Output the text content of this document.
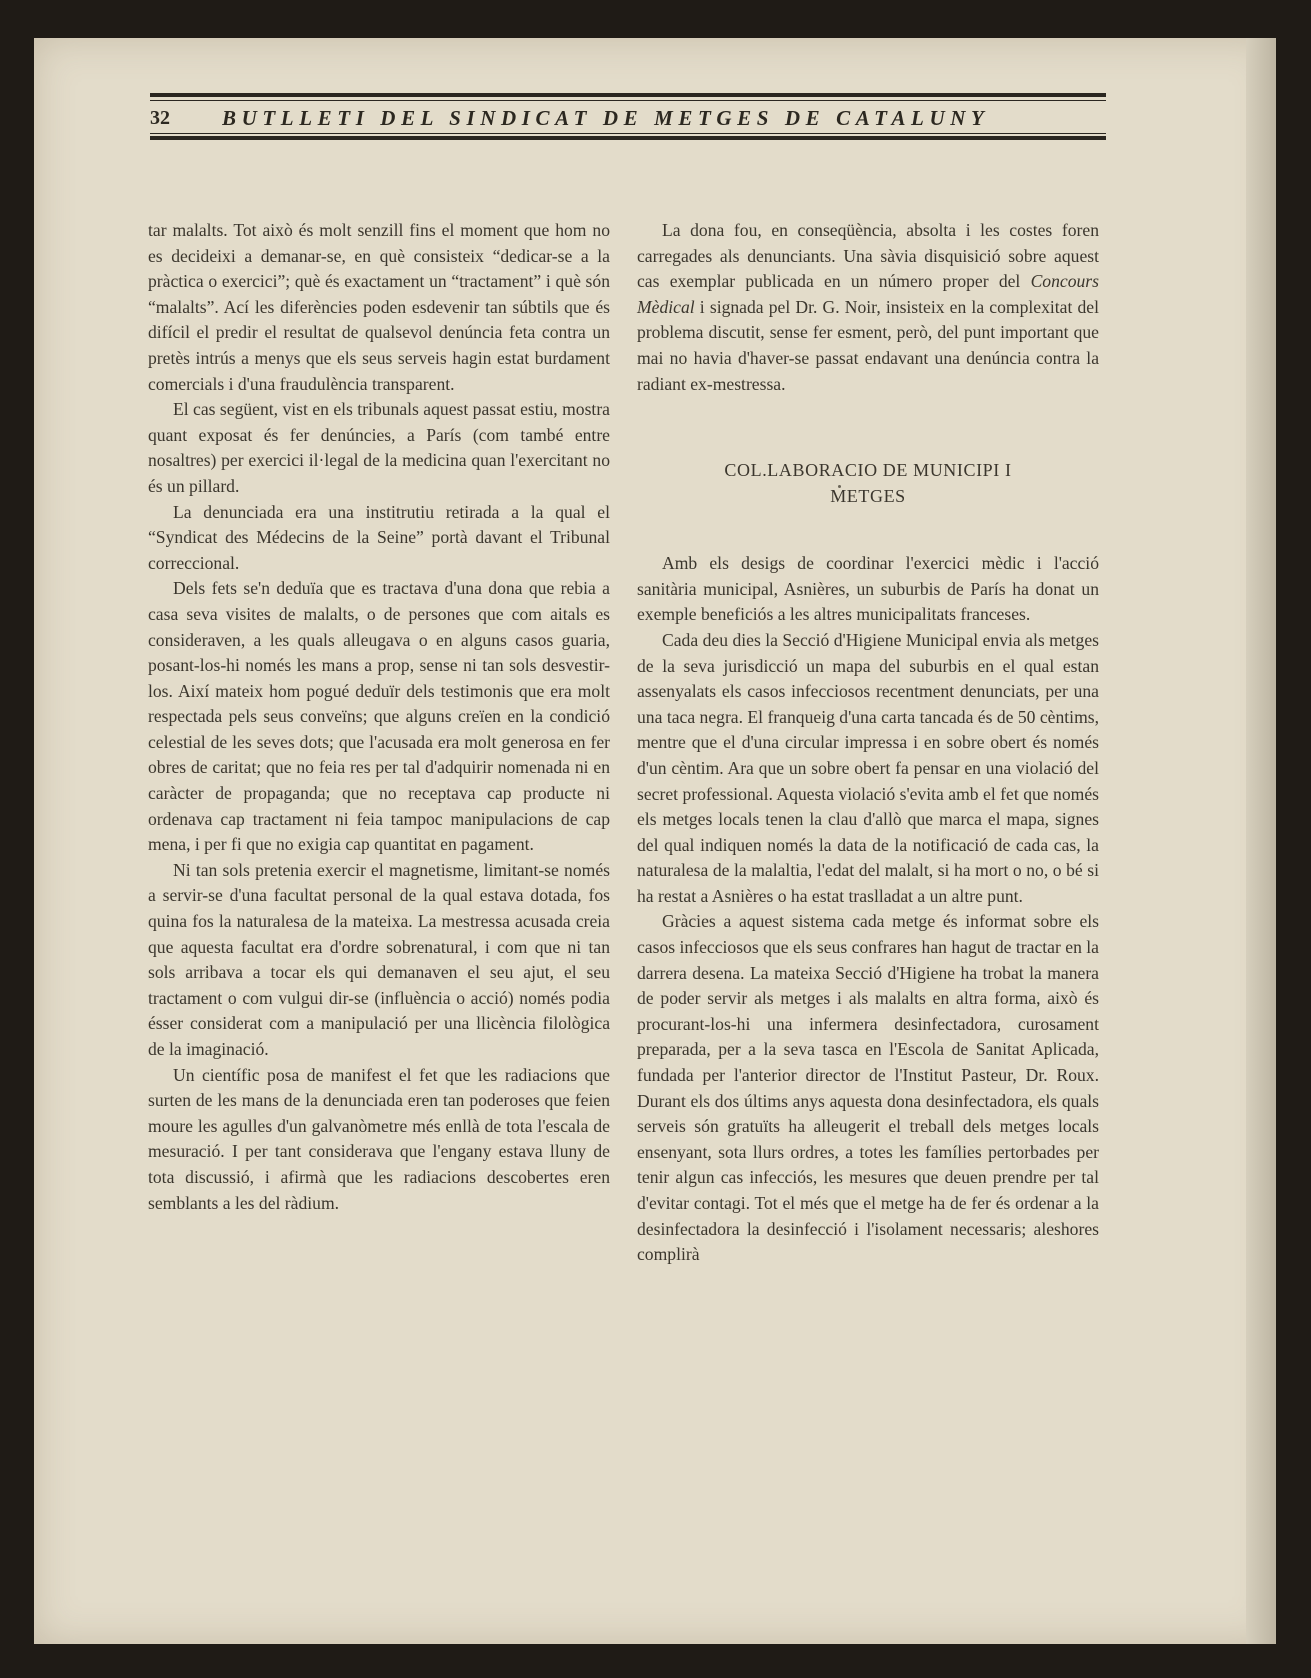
32 BUTLLETI DEL SINDICAT DE METGES DE CATALUNY

tar malalts. Tot això és molt senzill fins el moment que hom no es decideixi a demanar-se, en què consisteix “dedicar-se a la pràctica o exercici”; què és exactament un “tractament” i què són “malalts”. Ací les diferències poden esdevenir tan súbtils que és difícil el predir el resultat de qualsevol denúncia feta contra un pretès intrús a menys que els seus serveis hagin estat burdament comercials i d'una fraudulència transparent.

El cas següent, vist en els tribunals aquest passat estiu, mostra quant exposat és fer denúncies, a París (com també entre nosaltres) per exercici il·legal de la medicina quan l'exercitant no és un pillard.

La denunciada era una institrutiu retirada a la qual el “Syndicat des Médecins de la Seine” portà davant el Tribunal correccional.

Dels fets se'n deduïa que es tractava d'una dona que rebia a casa seva visites de malalts, o de persones que com aitals es consideraven, a les quals alleugava o en alguns casos guaria, posant-los-hi només les mans a prop, sense ni tan sols desvestir-los. Així mateix hom pogué deduïr dels testimonis que era molt respectada pels seus conveïns; que alguns creïen en la condició celestial de les seves dots; que l'acusada era molt generosa en fer obres de caritat; que no feia res per tal d'adquirir nomenada ni en caràcter de propaganda; que no receptava cap producte ni ordenava cap tractament ni feia tampoc manipulacions de cap mena, i per fi que no exigia cap quantitat en pagament.

Ni tan sols pretenia exercir el magnetisme, limitant-se només a servir-se d'una facultat personal de la qual estava dotada, fos quina fos la naturalesa de la mateixa. La mestressa acusada creia que aquesta facultat era d'ordre sobrenatural, i com que ni tan sols arribava a tocar els qui demanaven el seu ajut, el seu tractament o com vulgui dir-se (influència o acció) només podia ésser considerat com a manipulació per una llicència filològica de la imaginació.

Un científic posa de manifest el fet que les radiacions que surten de les mans de la denunciada eren tan poderoses que feien moure les agulles d'un galvanòmetre més enllà de tota l'escala de mesuració. I per tant considerava que l'engany estava lluny de tota discussió, i afirmà que les radiacions descobertes eren semblants a les del ràdium.

La dona fou, en conseqüència, absolta i les costes foren carregades als denunciants. Una sàvia disquisició sobre aquest cas exemplar publicada en un número proper del Concours Mèdical i signada pel Dr. G. Noir, insisteix en la complexitat del problema discutit, sense fer esment, però, del punt important que mai no havia d'haver-se passat endavant una denúncia contra la radiant ex-mestressa.

COL.LABORACIO DE MUNICIPI I
METGES

Amb els desigs de coordinar l'exercici mèdic i l'acció sanitària municipal, Asnières, un suburbis de París ha donat un exemple beneficiós a les altres municipalitats franceses.

Cada deu dies la Secció d'Higiene Municipal envia als metges de la seva jurisdicció un mapa del suburbis en el qual estan assenyalats els casos infecciosos recentment denunciats, per una una taca negra. El franqueig d'una carta tancada és de 50 cèntims, mentre que el d'una circular impressa i en sobre obert és només d'un cèntim. Ara que un sobre obert fa pensar en una violació del secret professional. Aquesta violació s'evita amb el fet que només els metges locals tenen la clau d'allò que marca el mapa, signes del qual indiquen només la data de la notificació de cada cas, la naturalesa de la malaltia, l'edat del malalt, si ha mort o no, o bé si ha restat a Asnières o ha estat traslladat a un altre punt.

Gràcies a aquest sistema cada metge és informat sobre els casos infecciosos que els seus confrares han hagut de tractar en la darrera desena. La mateixa Secció d'Higiene ha trobat la manera de poder servir als metges i als malalts en altra forma, això és procurant-los-hi una infermera desinfectadora, curosament preparada, per a la seva tasca en l'Escola de Sanitat Aplicada, fundada per l'anterior director de l'Institut Pasteur, Dr. Roux. Durant els dos últims anys aquesta dona desinfectadora, els quals serveis són gratuïts ha alleugerit el treball dels metges locals ensenyant, sota llurs ordres, a totes les famílies pertorbades per tenir algun cas infecciós, les mesures que deuen prendre per tal d'evitar contagi. Tot el més que el metge ha de fer és ordenar a la desinfectadora la desinfecció i l'isolament necessaris; aleshores complirà
